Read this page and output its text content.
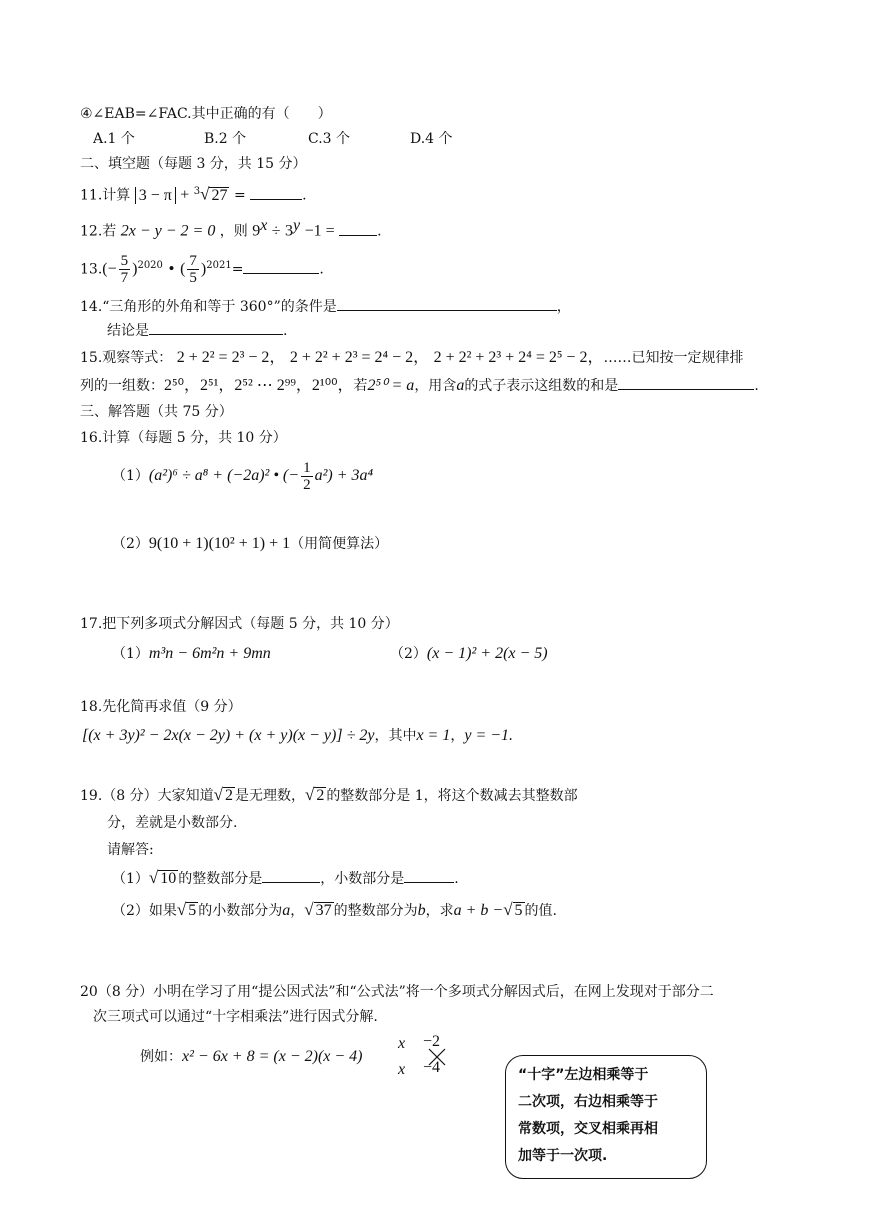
④∠EAB=∠FAC.其中正确的有（　　）
A.1 个	B.2 个	C.3 个	D.4 个
二、填空题（每题 3 分，共 15 分）
11.计算 3 − π + $^3$√ 27 =	.
12.若 2x − y − 2 = 0 ，则 $9^x \div 3^y -1$ =	.
$13.(- \frac{5}{7} )^{2020}$ • ( $\frac{7}{5} )^{2021}=$	.
14.“三角形的外角和等于 360°”的条件是	，
结论是	.
15.观察等式： 2 + 2² = 2³ − 2， 2 + 2² + 2³ = 2⁴ − 2， 2 + 2² + 2³ + 2⁴ = 2⁵ − 2，……已知按一定规律排
列的一组数：2⁵⁰，2⁵¹，2⁵² ⋯ 2⁹⁹，2¹⁰⁰，若2⁵⁰ = a，用含a的式子表示这组数的和是	.
三、解答题（共 75 分）
16.计算（每题 5 分，共 10 分）
（1）(a²)⁶ ÷ a⁸ + (−2a)² • (− $\frac{1}{2} a^2) + 3a^4$
（2）9(10 + 1)(10² + 1) + 1（用简便算法）
17.把下列多项式分解因式（每题 5 分，共 10 分）
（1）m³n − 6m²n + 9mn	（2）(x − 1)² + 2(x − 5)
18.先化简再求值（9 分）
[(x + 3y)² − 2x(x − 2y) + (x + y)(x − y)] ÷ 2y，其中x = 1，y = −1.
19.（8 分）大家知道√ 2 是无理数，√ 2 的整数部分是 1，将这个数减去其整数部
分，差就是小数部分.
请解答:
（1）√ 10 的整数部分是	，小数部分是	.
（2）如果√ 5 的小数部分为a，√ 37 的整数部分为b，求a + b −√ 5 的值.
20（8 分）小明在学习了用“提公因式法”和“公式法”将一个多项式分解因式后，在网上发现对于部分二
次三项式可以通过“十字相乘法”进行因式分解.
例如：x² − 6x + 8 = (x − 2)(x − 4)
x −2
x −4	“十字”左边相乘等于
二次项，右边相乘等于
常数项，交叉相乘再相
加等于一次项.
